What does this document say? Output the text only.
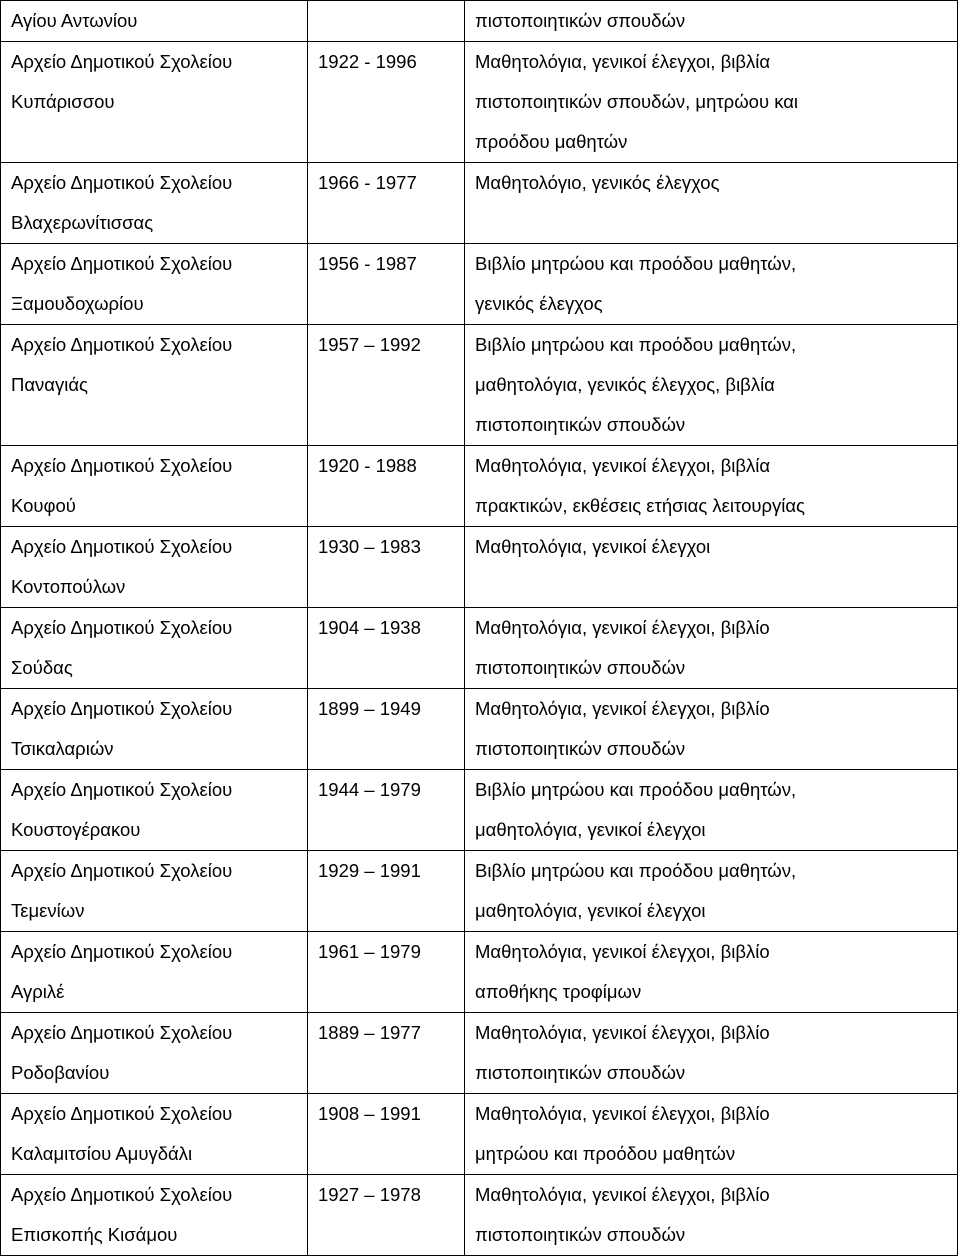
Αγίου Αντωνίου		πιστοποιητικών σπουδών

Αρχείο Δημοτικού Σχολείου
Κυπάρισσου	1922 - 1996	Μαθητολόγια, γενικοί έλεγχοι, βιβλία
πιστοποιητικών σπουδών, μητρώου και
προόδου μαθητών

Αρχείο Δημοτικού Σχολείου
Βλαχερωνίτισσας	1966 - 1977	Μαθητολόγιο, γενικός έλεγχος

Αρχείο Δημοτικού Σχολείου
Ξαμουδοχωρίου	1956 - 1987	Βιβλίο μητρώου και προόδου μαθητών,
γενικός έλεγχος

Αρχείο Δημοτικού Σχολείου
Παναγιάς	1957 – 1992	Βιβλίο μητρώου και προόδου μαθητών,
μαθητολόγια, γενικός έλεγχος, βιβλία
πιστοποιητικών σπουδών

Αρχείο Δημοτικού Σχολείου
Κουφού	1920 - 1988	Μαθητολόγια, γενικοί έλεγχοι, βιβλία
πρακτικών, εκθέσεις ετήσιας λειτουργίας

Αρχείο Δημοτικού Σχολείου
Κοντοπούλων	1930 – 1983	Μαθητολόγια, γενικοί έλεγχοι

Αρχείο Δημοτικού Σχολείου
Σούδας	1904 – 1938	Μαθητολόγια, γενικοί έλεγχοι, βιβλίο
πιστοποιητικών σπουδών

Αρχείο Δημοτικού Σχολείου
Τσικαλαριών	1899 – 1949	Μαθητολόγια, γενικοί έλεγχοι, βιβλίο
πιστοποιητικών σπουδών

Αρχείο Δημοτικού Σχολείου
Κουστογέρακου	1944 – 1979	Βιβλίο μητρώου και προόδου μαθητών,
μαθητολόγια, γενικοί έλεγχοι

Αρχείο Δημοτικού Σχολείου
Τεμενίων	1929 – 1991	Βιβλίο μητρώου και προόδου μαθητών,
μαθητολόγια, γενικοί έλεγχοι

Αρχείο Δημοτικού Σχολείου
Αγριλέ	1961 – 1979	Μαθητολόγια, γενικοί έλεγχοι, βιβλίο
αποθήκης τροφίμων

Αρχείο Δημοτικού Σχολείου
Ροδοβανίου	1889 – 1977	Μαθητολόγια, γενικοί έλεγχοι, βιβλίο
πιστοποιητικών σπουδών

Αρχείο Δημοτικού Σχολείου
Καλαμιτσίου Αμυγδάλι	1908 – 1991	Μαθητολόγια, γενικοί έλεγχοι, βιβλίο
μητρώου και προόδου μαθητών

Αρχείο Δημοτικού Σχολείου
Επισκοπής Κισάμου	1927 – 1978	Μαθητολόγια, γενικοί έλεγχοι, βιβλίο
πιστοποιητικών σπουδών
